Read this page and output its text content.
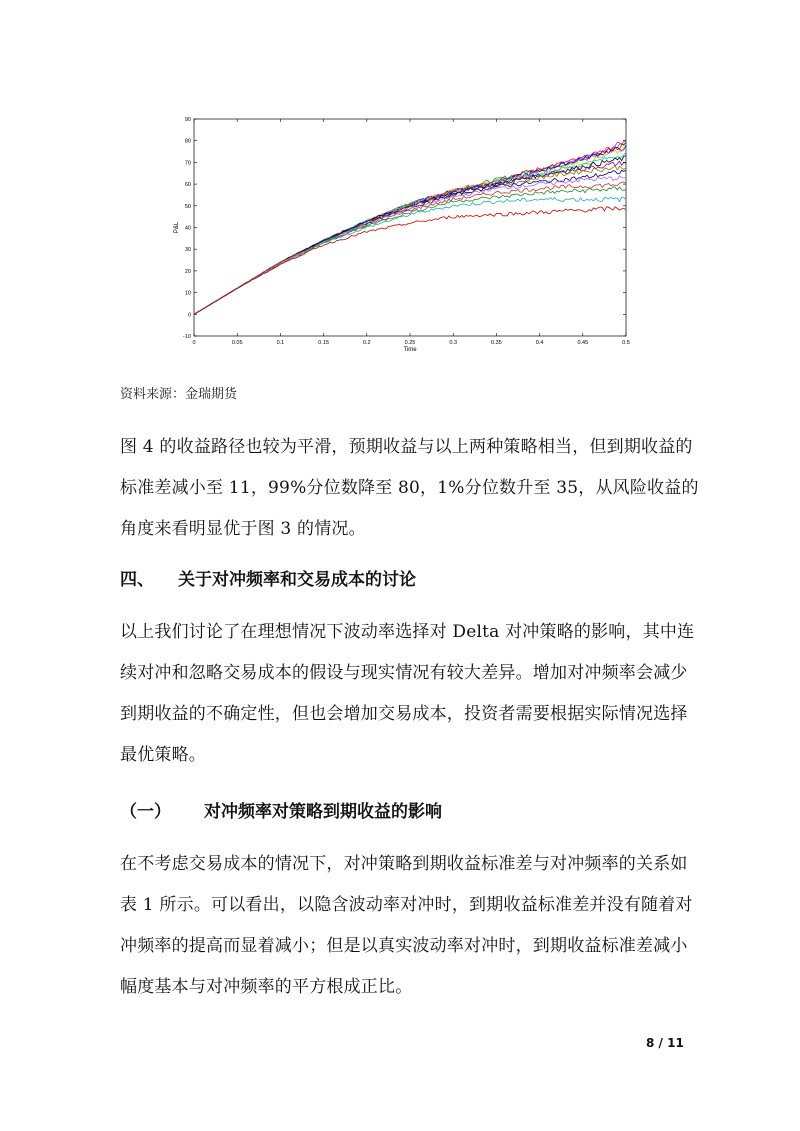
0	0.05	0.1	0.15	0.2	0.25	0.3	0.35	0.4	0.45	0.5
-10
0
10
20
30
40
50
60
70
80
90
Time
P&L

资料来源：金瑞期货

图 4 的收益路径也较为平滑，预期收益与以上两种策略相当，但到期收益的标准差减小至 11，99%分位数降至 80，1%分位数升至 35，从风险收益的角度来看明显优于图 3 的情况。

四、 关于对冲频率和交易成本的讨论

以上我们讨论了在理想情况下波动率选择对 Delta 对冲策略的影响，其中连续对冲和忽略交易成本的假设与现实情况有较大差异。增加对冲频率会减少到期收益的不确定性，但也会增加交易成本，投资者需要根据实际情况选择最优策略。

（一） 对冲频率对策略到期收益的影响

在不考虑交易成本的情况下，对冲策略到期收益标准差与对冲频率的关系如表 1 所示。可以看出，以隐含波动率对冲时，到期收益标准差并没有随着对冲频率的提高而显着减小；但是以真实波动率对冲时，到期收益标准差减小幅度基本与对冲频率的平方根成正比。

8 / 11
